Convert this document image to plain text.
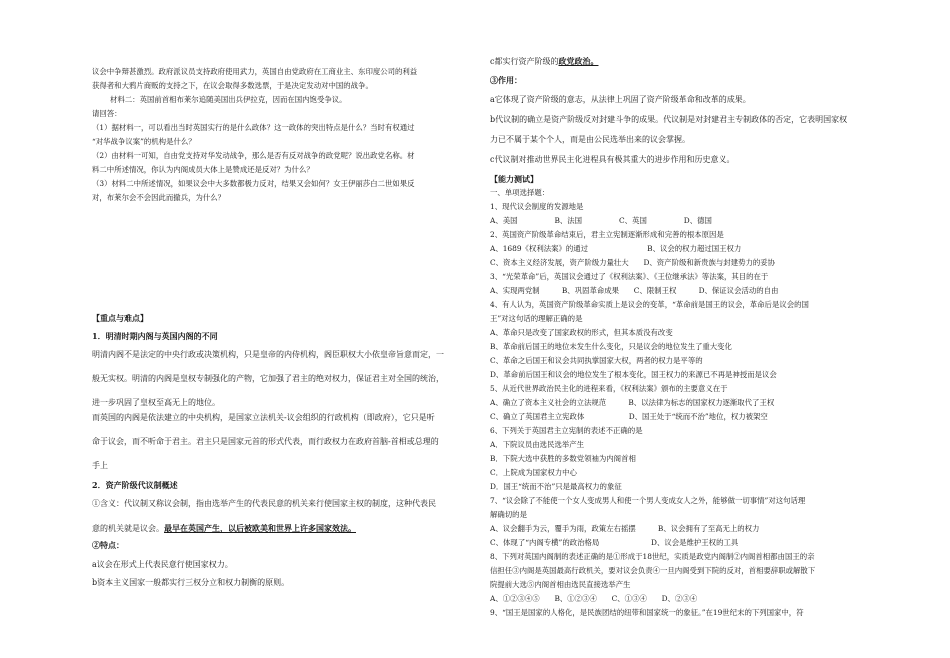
议会中争辩甚激烈。政府派议员支持政府使用武力，英国自由党政府在工商业主、东印度公司的利益
获得者和大鸦片商贩的支持之下，在议会取得多数选票，于是决定发动对中国的战争。
材料二：英国前首相布莱尔追随美国出兵伊拉克，因而在国内饱受争议。
请回答：
（1）据材料一，可以看出当时英国实行的是什么政体？这一政体的突出特点是什么？当时有权通过
“对华战争议案”的机构是什么？
（2）由材料一可知，自由党支持对华发动战争，那么是否有反对战争的政党呢？说出政党名称。材
料二中所述情况，你认为内阁成员大体上是赞成还是反对？为什么？
（3）材料二中所述情况，如果议会中大多数都极力反对，结果又会如何？女王伊丽莎白二世如果反
对，布莱尔会不会因此而撤兵，为什么？
【重点与难点】
1．明清时期内阁与英国内阁的不同
明清内阁不是法定的中央行政或决策机构，只是皇帝的内侍机构，阁臣职权大小依皇帝旨意而定，一
般无实权。明清的内阁是皇权专制强化的产物，它加强了君主的绝对权力，保证君主对全国的统治，
进一步巩固了皇权至高无上的地位。
而英国的内阁是依法建立的中央机构，是国家立法机关-议会组织的行政机构（即政府），它只是听
命于议会，而不听命于君主。君主只是国家元首的形式代表，而行政权力在政府首脑-首相或总理的
手上
2．资产阶级代议制概述
①含义：代议制又称议会制，指由选举产生的代表民意的机关来行使国家主权的制度，这种代表民
意的机关就是议会。最早在英国产生，以后被欧美和世界上许多国家效法。
②特点：
a议会在形式上代表民意行使国家权力。
b资本主义国家一般都实行三权分立和权力制衡的原则。
c都实行资产阶级的政党政治。
③作用：
a它体现了资产阶级的意志，从法律上巩固了资产阶级革命和改革的成果。
b代议制的确立是资产阶级反对封建斗争的成果。代议制是对封建君主专制政体的否定，它表明国家权
力已不属于某个个人，而是由公民选举出来的议会掌握。
c代议制对推动世界民主化进程具有极其重大的进步作用和历史意义。
【能力测试】
一、单项选择题：
1、现代议会制度的发源地是
A、美国　　　　　B、法国　　　　　C、英国　　　　　D、德国
2、英国资产阶级革命结束后，君主立宪制逐渐形成和完善的根本原因是
A、1689《权利法案》的通过　　　　　　　　B、议会的权力超过国王权力
C、资本主义经济发展，资产阶级力量壮大　　D、资产阶级和新贵族与封建势力的妥协
3、“光荣革命”后，英国议会通过了《权利法案》、《王位继承法》等法案，其目的在于
A、实现两党制　　　B、巩固革命成果　　C、限制王权　　　D、保证议会活动的自由
4、有人认为，英国资产阶级革命实质上是议会的变革，“革命前是国王的议会，革命后是议会的国
王”对这句话的理解正确的是
A、革命只是改变了国家政权的形式，但其本质没有改变
B、革命前后国王的地位未发生什么变化，只是议会的地位发生了重大变化
C、革命之后国王和议会共同执掌国家大权，两者的权力是平等的
D、革命前后国王和议会的地位发生了根本变化，国王权力的来源已不再是神授而是议会
5、从近代世界政治民主化的进程来看，《权利法案》颁布的主要意义在于
A、确立了资本主义社会的立法规范　　　B、以法律为标志的国家权力逐渐取代了王权
C、确立了英国君主立宪政体　　　　　　D、国王处于“统而不治”地位，权力被架空
6、下列关于英国君主立宪制的表述不正确的是
A．下院议员由选民选举产生
B．下院大选中获胜的多数党领袖为内阁首相
C．上院成为国家权力中心
D．国王“统而不治”只是最高权力的象征
7、“议会除了不能使一个女人变成男人和使一个男人变成女人之外，能够做一切事情”对这句话理
解确切的是
A、议会翻手为云，覆手为雨，政策左右摇摆　　　B、议会拥有了至高无上的权力
C、体现了“内阁专横”的政治格局　　　　　　　D、议会是维护王权的工具
8、下列对英国内阁制的表述正确的是①形成于18世纪，实质是政党内阁制②内阁首相都由国王的亲
信担任③内阁是英国最高行政机关，要对议会负责④一旦内阁受到下院的反对，首相要辞职或解散下
院提前大选⑤内阁首相由选民直接选举产生
A、①②③④⑤　　B、①②③④　　C、①③④　　D、②③④
9、“国王是国家的人格化，是民族团结的纽带和国家统一的象征。”在19世纪末的下列国家中，符
